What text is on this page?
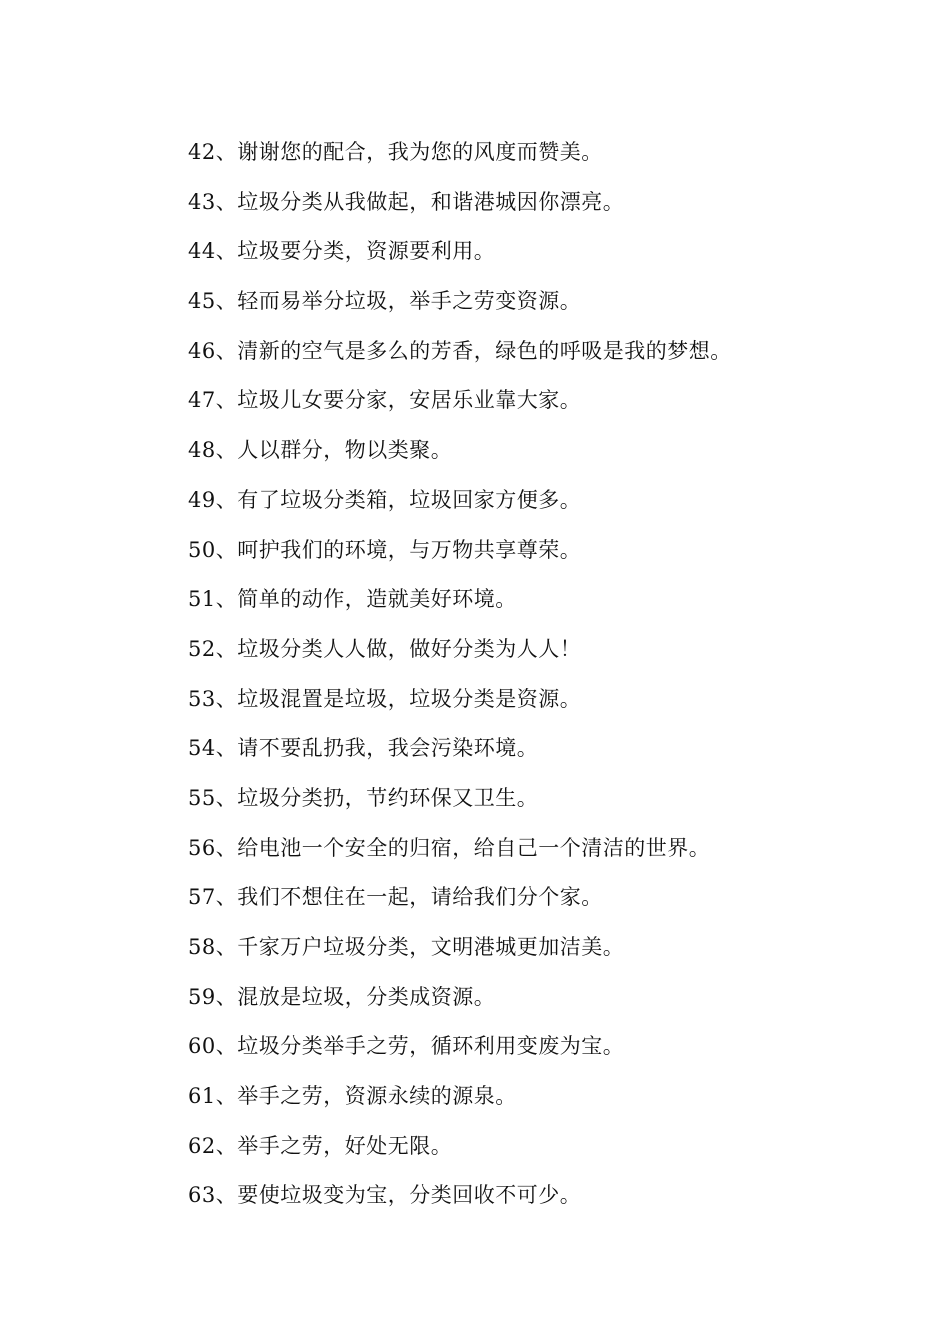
42、谢谢您的配合，我为您的风度而赞美。
43、垃圾分类从我做起，和谐港城因你漂亮。
44、垃圾要分类，资源要利用。
45、轻而易举分垃圾，举手之劳变资源。
46、清新的空气是多么的芳香，绿色的呼吸是我的梦想。
47、垃圾儿女要分家，安居乐业靠大家。
48、人以群分，物以类聚。
49、有了垃圾分类箱，垃圾回家方便多。
50、呵护我们的环境，与万物共享尊荣。
51、简单的动作，造就美好环境。
52、垃圾分类人人做，做好分类为人人！
53、垃圾混置是垃圾，垃圾分类是资源。
54、请不要乱扔我，我会污染环境。
55、垃圾分类扔，节约环保又卫生。
56、给电池一个安全的归宿，给自己一个清洁的世界。
57、我们不想住在一起，请给我们分个家。
58、千家万户垃圾分类，文明港城更加洁美。
59、混放是垃圾，分类成资源。
60、垃圾分类举手之劳，循环利用变废为宝。
61、举手之劳，资源永续的源泉。
62、举手之劳，好处无限。
63、要使垃圾变为宝，分类回收不可少。
